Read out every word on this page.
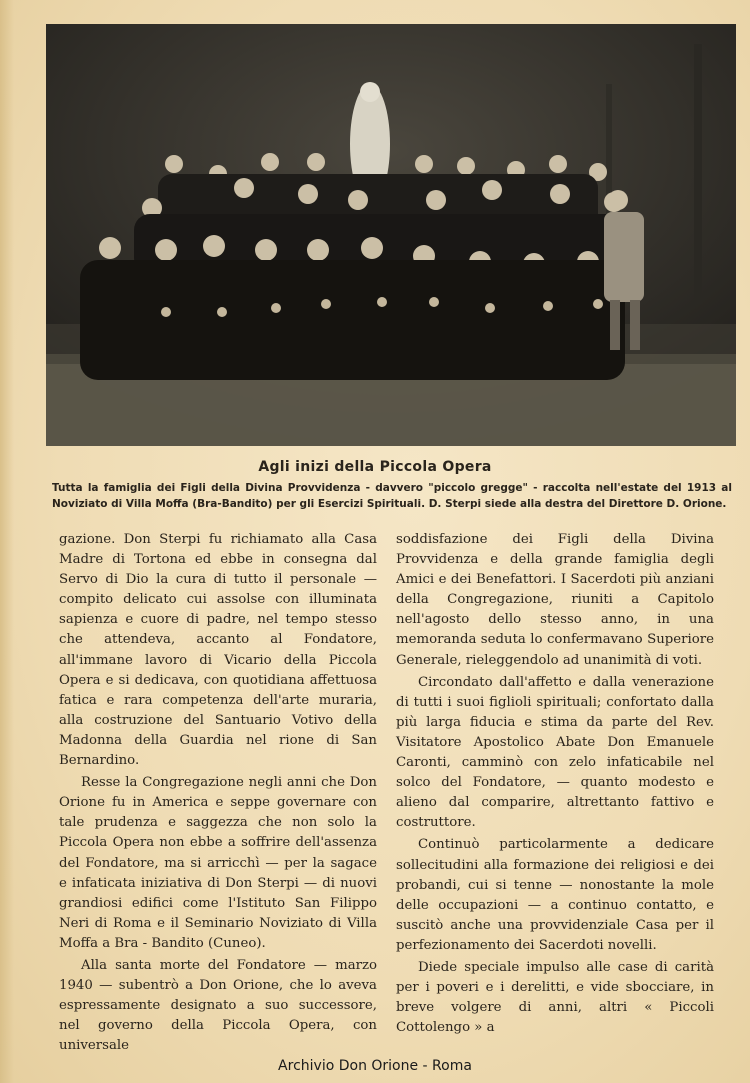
Agli inizi della Piccola Opera
Tutta la famiglia dei Figli della Divina Provvidenza - davvero "piccolo gregge" - raccolta nell'estate del 1913 al Noviziato di Villa Moffa (Bra-Bandito) per gli Esercizi Spirituali. D. Sterpi siede alla destra del Direttore D. Orione.

gazione. Don Sterpi fu richiamato alla Casa Madre di Tortona ed ebbe in consegna dal Servo di Dio la cura di tutto il personale — compito delicato cui assolse con illuminata sapienza e cuore di padre, nel tempo stesso che attendeva, accanto al Fondatore, all'immane lavoro di Vicario della Piccola Opera e si dedicava, con quotidiana affettuosa fatica e rara competenza dell'arte muraria, alla costruzione del Santuario Votivo della Madonna della Guardia nel rione di San Bernardino.

Resse la Congregazione negli anni che Don Orione fu in America e seppe governare con tale prudenza e saggezza che non solo la Piccola Opera non ebbe a soffrire dell'assenza del Fondatore, ma si arricchì — per la sagace e infaticata iniziativa di Don Sterpi — di nuovi grandiosi edifici come l'Istituto San Filippo Neri di Roma e il Seminario Noviziato di Villa Moffa a Bra - Bandito (Cuneo).

Alla santa morte del Fondatore — marzo 1940 — subentrò a Don Orione, che lo aveva espressamente designato a suo successore, nel governo della Piccola Opera, con universale

soddisfazione dei Figli della Divina Provvidenza e della grande famiglia degli Amici e dei Benefattori. I Sacerdoti più anziani della Congregazione, riuniti a Capitolo nell'agosto dello stesso anno, in una memoranda seduta lo confermavano Superiore Generale, rieleggendolo ad unanimità di voti.

Circondato dall'affetto e dalla venerazione di tutti i suoi figlioli spirituali; confortato dalla più larga fiducia e stima da parte del Rev. Visitatore Apostolico Abate Don Emanuele Caronti, camminò con zelo infaticabile nel solco del Fondatore, — quanto modesto e alieno dal comparire, altrettanto fattivo e costruttore.

Continuò particolarmente a dedicare sollecitudini alla formazione dei religiosi e dei probandi, cui si tenne — nonostante la mole delle occupazioni — a continuo contatto, e suscitò anche una provvidenziale Casa per il perfezionamento dei Sacerdoti novelli.

Diede speciale impulso alle case di carità per i poveri e i derelitti, e vide sbocciare, in breve volgere di anni, altri « Piccoli Cottolengo » a

Archivio Don Orione - Roma
